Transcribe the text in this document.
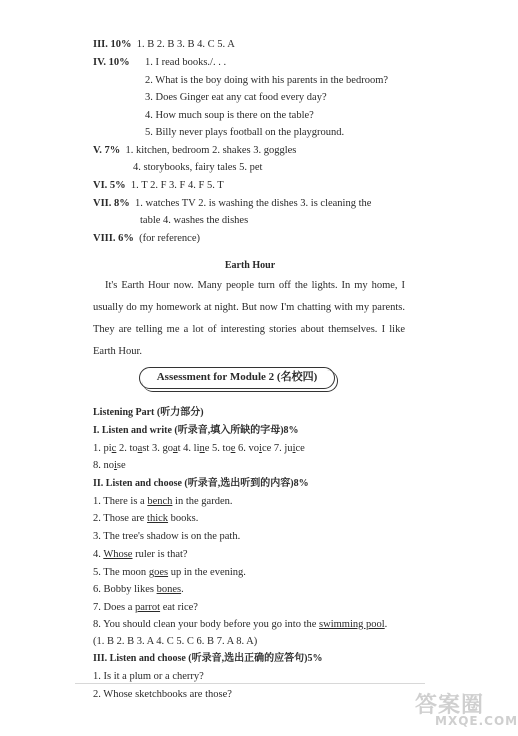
III. 10% 1. B 2. B 3. B 4. C 5. A
IV. 10% 1. I read books./. . .
2. What is the boy doing with his parents in the bedroom?
3. Does Ginger eat any cat food every day?
4. How much soup is there on the table?
5. Billy never plays football on the playground.
V. 7% 1. kitchen, bedroom 2. shakes 3. goggles
4. storybooks, fairy tales 5. pet
VI. 5% 1. T 2. F 3. F 4. F 5. T
VII. 8% 1. watches TV 2. is washing the dishes 3. is cleaning the
table 4. washes the dishes
VIII. 6% (for reference)
Earth Hour

It's Earth Hour now. Many people turn off the lights. In my home, I usually do my homework at night. But now I'm chatting with my parents. They are telling me a lot of interesting stories about themselves. I like Earth Hour.

Assessment for Module 2 (名校四)
Listening Part (听力部分)
I. Listen and write (听录音,填入所缺的字母)8%
1. pic 2. toast 3. goat 4. line 5. toe 6. voice 7. juice
8. noise
II. Listen and choose (听录音,选出听到的内容)8%
1. There is a bench in the garden.
2. Those are thick books.
3. The tree's shadow is on the path.
4. Whose ruler is that?
5. The moon goes up in the evening.
6. Bobby likes bones.
7. Does a parrot eat rice?
8. You should clean your body before you go into the swimming pool.
(1. B 2. B 3. A 4. C 5. C 6. B 7. A 8. A)
III. Listen and choose (听录音,选出正确的应答句)5%
1. Is it a plum or a cherry?
2. Whose sketchbooks are those?	答案圈
MXQE.COM
